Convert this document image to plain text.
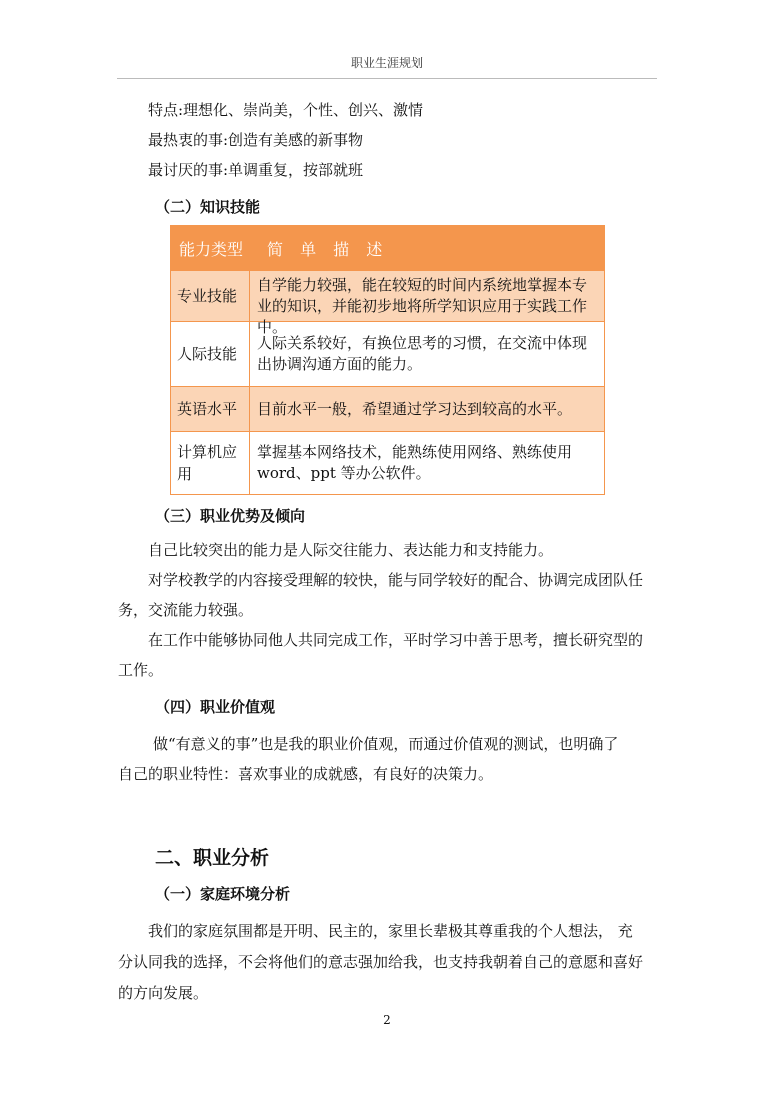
职业生涯规划
特点:理想化、崇尚美，个性、创兴、激情
最热衷的事:创造有美感的新事物
最讨厌的事:单调重复，按部就班
（二）知识技能
能力类型	简 单 描 述
专业技能
自学能力较强，能在较短的时间内系统地掌握本专业的知识，并能初步地将所学知识应用于实践工作中。
人际技能
人际关系较好，有换位思考的习惯，在交流中体现出协调沟通方面的能力。
英语水平	目前水平一般，希望通过学习达到较高的水平。
计算机应用
掌握基本网络技术，能熟练使用网络、熟练使用word、ppt 等办公软件。
（三）职业优势及倾向
自己比较突出的能力是人际交往能力、表达能力和支持能力。
对学校教学的内容接受理解的较快，能与同学较好的配合、协调完成团队任
务，交流能力较强。
在工作中能够协同他人共同完成工作，平时学习中善于思考，擅长研究型的
工作。
（四）职业价值观
做“有意义的事”也是我的职业价值观，而通过价值观的测试，也明确了
自己的职业特性：喜欢事业的成就感，有良好的决策力。
二、职业分析
（一）家庭环境分析
我们的家庭氛围都是开明、民主的，家里长辈极其尊重我的个人想法， 充
分认同我的选择，不会将他们的意志强加给我，也支持我朝着自己的意愿和喜好
的方向发展。
2
